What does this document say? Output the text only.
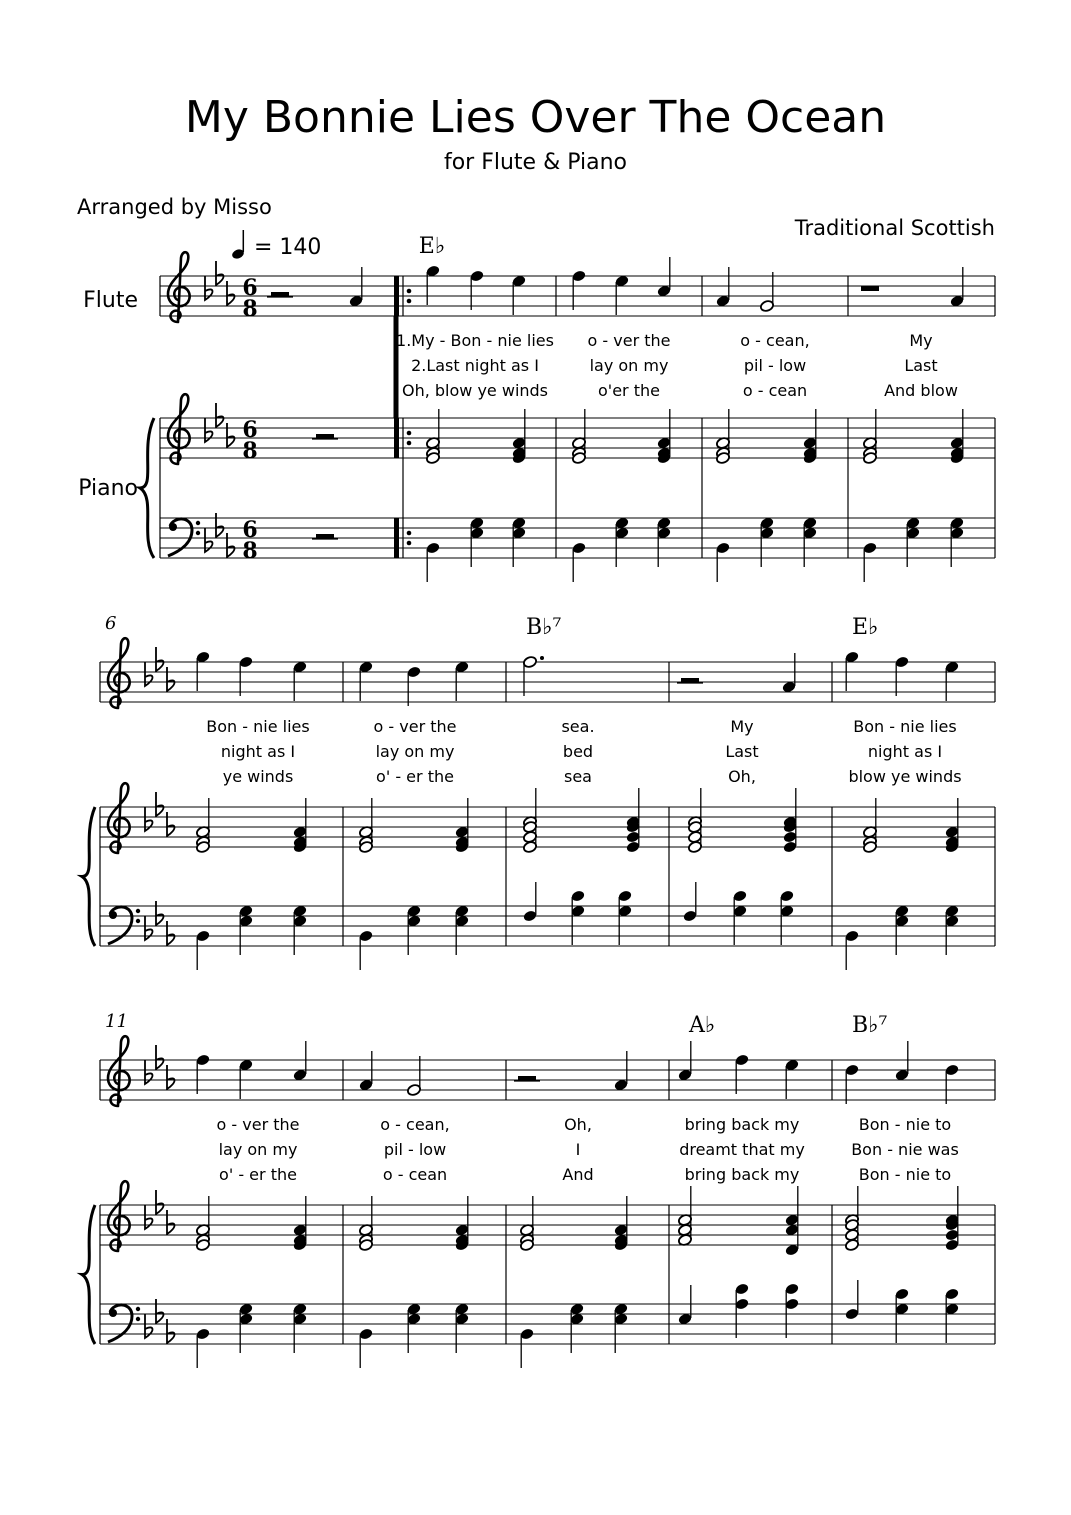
My Bonnie Lies Over The Ocean
for Flute & Piano
Arranged by Misso
Traditional Scottish
= 140
Flute
Piano
6
8
6
8
6
8
E♭
1.My - Bon - nie lies o - ver the	o - cean,	My
2.Last night as I	lay on my	pil - low	Last
Oh, blow ye winds	o'er the	o - cean	And blow
6	B♭⁷	E♭
Bon - nie lies	o - ver the	sea.	My	Bon - nie lies
night as I	lay on my	bed	Last	night as I
ye winds	o' - er the	sea	Oh,	blow ye winds
11	A♭	B♭⁷
o - ver the	o - cean,	Oh,	bring back my	Bon - nie to
lay on my	pil - low	I	dreamt that my	Bon - nie was
o' - er the	o - cean	And	bring back my	Bon - nie to
